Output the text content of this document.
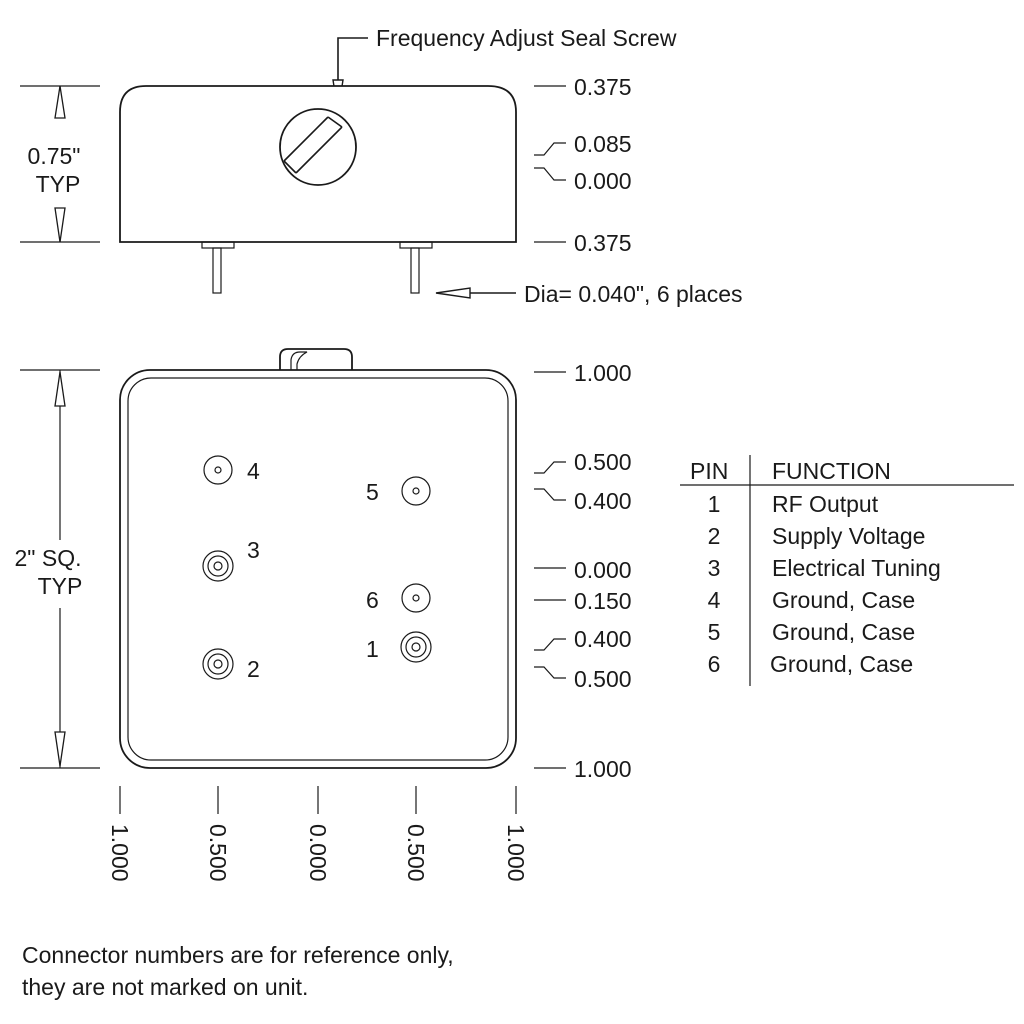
Frequency Adjust Seal Screw
Dia= 0.040", 6 places
0.75"
TYP
0.375
0.085
0.000
0.375
4
3
2
5
6
1
2" SQ.
TYP
1.000
0.500
0.400
0.000
0.150
0.400
0.500
1.000
1.000	0.500	0.000	0.500	1.000
PIN FUNCTION
1 RF Output
2 Supply Voltage
3 Electrical Tuning
4 Ground, Case
5 Ground, Case
6 Ground, Case
Connector numbers are for reference only,
they are not marked on unit.
